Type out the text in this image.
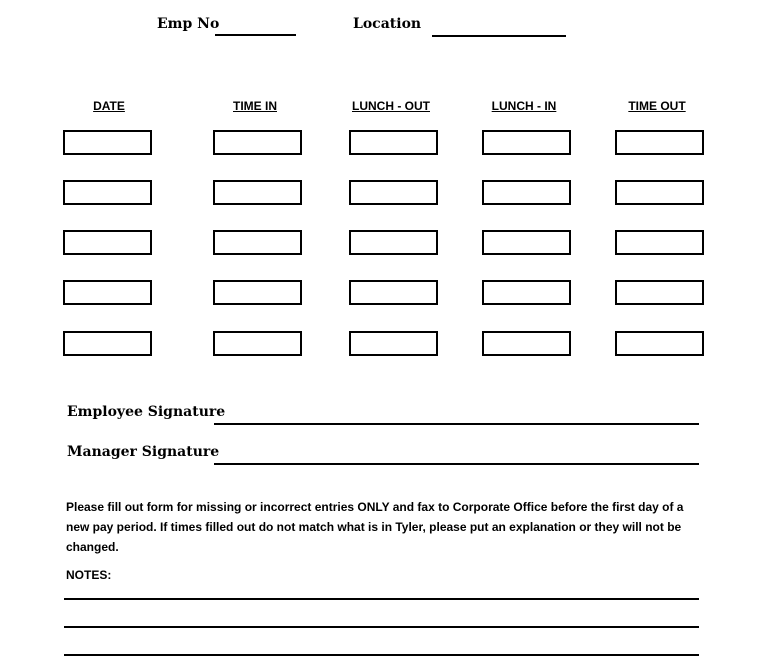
Emp No	Location
DATE	TIME IN	LUNCH - OUT	LUNCH - IN	TIME OUT
Employee Signature
Manager Signature
Please fill out form for missing or incorrect entries ONLY and fax to Corporate Office before the first day of a new pay period. If times filled out do not match what is in Tyler, please put an explanation or they will not be changed.
NOTES:
